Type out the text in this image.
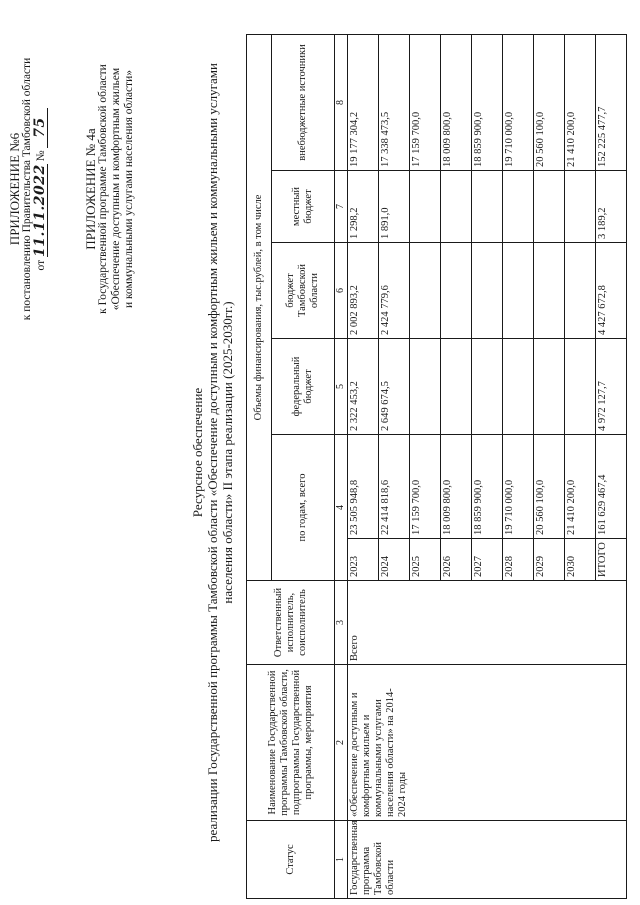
ПРИЛОЖЕНИЕ №6 к постановлению Правительства Тамбовской области от 11.11.2022 № 75
ПРИЛОЖЕНИЕ № 4а к Государственной программе Тамбовской области «Обеспечение доступным и комфортным жильем и коммунальными услугами населения области»
Ресурсное обеспечение реализации Государственной программы Тамбовской области «Обеспечение доступным и комфортным жильем и коммунальными услугами населения области» II этапа реализации (2025-2030гг.)
Статус	Наименование Государственной программы Тамбовской области, подпрограммы Государственной программы, мероприятия	Ответственный исполнитель, соисполнитель	Объемы финансирования, тыс.рублей, в том числе					
			по годам, всего		федеральный бюджет	бюджет Тамбовской области	местный бюджет	внебюджетные источники
1	2	3	4		5	6	7	8
Государственная программа Тамбовской области	«Обеспечение доступным и комфортным жильем и коммунальными услугами населения области» на 2014-2024 годы	Всего	2023	23 505 948,8	2 322 453,2	2 002 893,2	1 298,2	19 177 304,2
			2024	22 414 818,6	2 649 674,5	2 424 779,6	1 891,0	17 338 473,5
			2025	17 159 700,0				17 159 700,0
			2026	18 009 800,0				18 009 800,0
			2027	18 859 900,0				18 859 900,0
			2028	19 710 000,0				19 710 000,0
			2029	20 560 100,0				20 560 100,0
			2030	21 410 200,0				21 410 200,0
			ИТОГО	161 629 467,4	4 972 127,7	4 427 672,8	3 189,2	152 225 477,7
